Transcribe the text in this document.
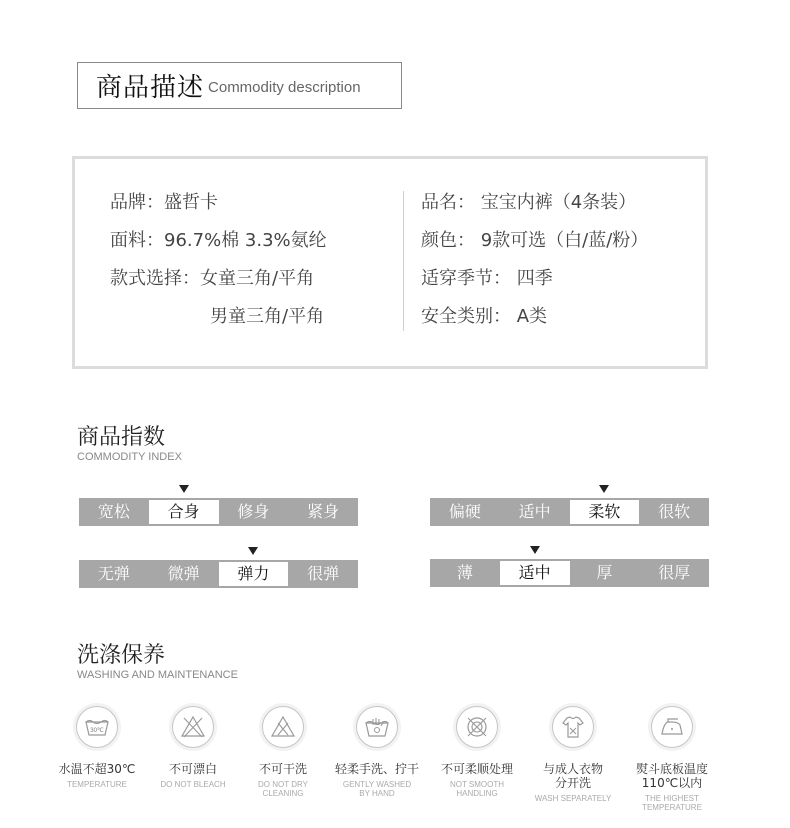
商品描述 Commodity description
品牌：盛哲卡
面料：96.7%棉 3.3%氨纶
款式选择：女童三角/平角
男童三角/平角
品名： 宝宝内裤（4条装）
颜色： 9款可选（白/蓝/粉）
适穿季节： 四季
安全类别： A类
商品指数
COMMODITY INDEX
宽松	合身	修身	紧身	偏硬	适中	柔软	很软
无弹	微弹	弹力	很弹	薄	适中	厚	很厚
洗涤保养
WASHING AND MAINTENANCE
30℃
水温不超30℃
TEMPERATURE
不可漂白
DO NOT BLEACH
不可干洗
DO NOT DRY
CLEANING
轻柔手洗、拧干
GENTLY WASHED
BY HAND
不可柔顺处理
NOT SMOOTH
HANDLING
与成人衣物
分开洗
WASH SEPARATELY
熨斗底板温度
110℃以内
THE HIGHEST TEMPERATURE
